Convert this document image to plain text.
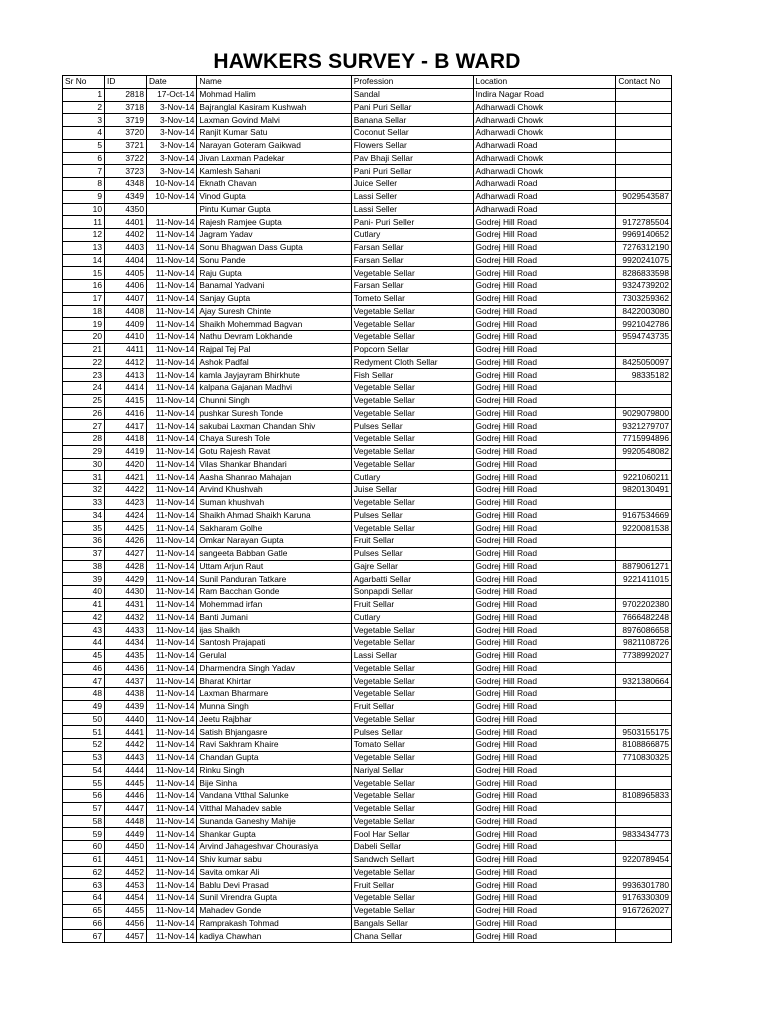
HAWKERS SURVEY - B WARD
Sr No	ID	Date	Name	Profession	Location	Contact No
1	2818	17-Oct-14	Mohmad Halim	Sandal	Indira Nagar Road	
2	3718	3-Nov-14	Bajranglal Kasiram Kushwah	Pani Puri Sellar	Adharwadi Chowk	
3	3719	3-Nov-14	Laxman Govind Malvi	Banana Sellar	Adharwadi Chowk	
4	3720	3-Nov-14	Ranjit Kumar Satu	Coconut Sellar	Adharwadi Chowk	
5	3721	3-Nov-14	Narayan Goteram Gaikwad	Flowers Sellar	Adharwadi Road	
6	3722	3-Nov-14	Jivan Laxman Padekar	Pav Bhaji Sellar	Adharwadi Chowk	
7	3723	3-Nov-14	Kamlesh Sahani	Pani Puri Sellar	Adharwadi Chowk	
8	4348	10-Nov-14	Eknath Chavan	Juice Seller	Adharwadi Road	
9	4349	10-Nov-14	Vinod Gupta	Lassi Seller	Adharwadi Road	9029543587
10	4350		Pintu Kumar Gupta	Lassi Seller	Adharwadi Road	
11	4401	11-Nov-14	Rajesh Ramjee Gupta	Pani- Puri Seller	Godrej Hill Road	9172785504
12	4402	11-Nov-14	Jagram Yadav	Cutlary	Godrej Hill Road	9969140652
13	4403	11-Nov-14	Sonu Bhagwan Dass Gupta	Farsan Sellar	Godrej Hill Road	7276312190
14	4404	11-Nov-14	Sonu Pande	Farsan Sellar	Godrej Hill Road	9920241075
15	4405	11-Nov-14	Raju Gupta	Vegetable Sellar	Godrej Hill Road	8286833598
16	4406	11-Nov-14	Banamal Yadvani	Farsan Sellar	Godrej Hill Road	9324739202
17	4407	11-Nov-14	Sanjay Gupta	Tometo Sellar	Godrej Hill Road	7303259362
18	4408	11-Nov-14	Ajay Suresh Chinte	Vegetable Sellar	Godrej Hill Road	8422003080
19	4409	11-Nov-14	Shaikh Mohemmad Bagvan	Vegetable Sellar	Godrej Hill Road	9921042786
20	4410	11-Nov-14	Nathu Devram Lokhande	Vegetable Sellar	Godrej Hill Road	9594743735
21	4411	11-Nov-14	Rajpal Tej Pal	Popcorn Sellar	Godrej Hill Road	
22	4412	11-Nov-14	Ashok Padfal	Redyment Cloth Sellar	Godrej Hill Road	8425050097
23	4413	11-Nov-14	kamla Jayjayram Bhirkhute	Fish Sellar	Godrej Hill Road	98335182
24	4414	11-Nov-14	kalpana Gajanan Madhvi	Vegetable Sellar	Godrej Hill Road	
25	4415	11-Nov-14	Chunni Singh	Vegetable Sellar	Godrej Hill Road	
26	4416	11-Nov-14	pushkar Suresh Tonde	Vegetable Sellar	Godrej Hill Road	9029079800
27	4417	11-Nov-14	sakubai Laxman Chandan Shiv	Pulses Sellar	Godrej Hill Road	9321279707
28	4418	11-Nov-14	Chaya Suresh Tole	Vegetable Sellar	Godrej Hill Road	7715994896
29	4419	11-Nov-14	Gotu Rajesh Ravat	Vegetable Sellar	Godrej Hill Road	9920548082
30	4420	11-Nov-14	Vilas Shankar Bhandari	Vegetable Sellar	Godrej Hill Road	
31	4421	11-Nov-14	Aasha Shanrao Mahajan	Cutlary	Godrej Hill Road	9221060211
32	4422	11-Nov-14	Arvind Khushvah	Juise Sellar	Godrej Hill Road	9820130491
33	4423	11-Nov-14	Suman khushvah	Vegetable Sellar	Godrej Hill Road	
34	4424	11-Nov-14	Shaikh Ahmad Shaikh Karuna	Pulses Sellar	Godrej Hill Road	9167534669
35	4425	11-Nov-14	Sakharam Golhe	Vegetable Sellar	Godrej Hill Road	9220081538
36	4426	11-Nov-14	Omkar Narayan Gupta	Fruit Sellar	Godrej Hill Road	
37	4427	11-Nov-14	sangeeta Babban Gatle	Pulses Sellar	Godrej Hill Road	
38	4428	11-Nov-14	Uttam Arjun Raut	Gajre Sellar	Godrej Hill Road	8879061271
39	4429	11-Nov-14	Sunil Panduran Tatkare	Agarbatti Sellar	Godrej Hill Road	9221411015
40	4430	11-Nov-14	Ram Bacchan Gonde	Sonpapdi Sellar	Godrej Hill Road	
41	4431	11-Nov-14	Mohemmad irfan	Fruit Sellar	Godrej Hill Road	9702202380
42	4432	11-Nov-14	Banti Jumani	Cutlary	Godrej Hill Road	7666482248
43	4433	11-Nov-14	ijas Shaikh	Vegetable Sellar	Godrej Hill Road	8976086658
44	4434	11-Nov-14	Santosh Prajapati	Vegetable Sellar	Godrej Hill Road	9821108726
45	4435	11-Nov-14	Gerulal	Lassi Sellar	Godrej Hill Road	7738992027
46	4436	11-Nov-14	Dharmendra Singh Yadav	Vegetable Sellar	Godrej Hill Road	
47	4437	11-Nov-14	Bharat Khirtar	Vegetable Sellar	Godrej Hill Road	9321380664
48	4438	11-Nov-14	Laxman Bharmare	Vegetable Sellar	Godrej Hill Road	
49	4439	11-Nov-14	Munna Singh	Fruit Sellar	Godrej Hill Road	
50	4440	11-Nov-14	Jeetu Rajbhar	Vegetable Sellar	Godrej Hill Road	
51	4441	11-Nov-14	Satish Bhjangasre	Pulses Sellar	Godrej Hill Road	9503155175
52	4442	11-Nov-14	Ravi Sakhram Khaire	Tomato Sellar	Godrej Hill Road	8108866875
53	4443	11-Nov-14	Chandan Gupta	Vegetable Sellar	Godrej Hill Road	7710830325
54	4444	11-Nov-14	Rinku Singh	Nariyal Sellar	Godrej Hill Road	
55	4445	11-Nov-14	Bije Sinha	Vegetable Sellar	Godrej Hill Road	
56	4446	11-Nov-14	Vandana Vtthal Salunke	Vegetable Sellar	Godrej Hill Road	8108965833
57	4447	11-Nov-14	Vitthal Mahadev sable	Vegetable Sellar	Godrej Hill Road	
58	4448	11-Nov-14	Sunanda Ganeshy Mahije	Vegetable Sellar	Godrej Hill Road	
59	4449	11-Nov-14	Shankar Gupta	Fool Har Sellar	Godrej Hill Road	9833434773
60	4450	11-Nov-14	Arvind Jahageshvar Chourasiya	Dabeli Sellar	Godrej Hill Road	
61	4451	11-Nov-14	Shiv kumar sabu	Sandwch Sellart	Godrej Hill Road	9220789454
62	4452	11-Nov-14	Savita omkar Ali	Vegetable Sellar	Godrej Hill Road	
63	4453	11-Nov-14	Bablu Devi Prasad	Fruit Sellar	Godrej Hill Road	9936301780
64	4454	11-Nov-14	Sunil Virendra Gupta	Vegetable Sellar	Godrej Hill Road	9176330309
65	4455	11-Nov-14	Mahadev Gonde	Vegetable Sellar	Godrej Hill Road	9167262027
66	4456	11-Nov-14	Ramprakash Tohmad	Bangals Sellar	Godrej Hill Road	
67	4457	11-Nov-14	kadiya Chawhan	Chana Sellar	Godrej Hill Road	
